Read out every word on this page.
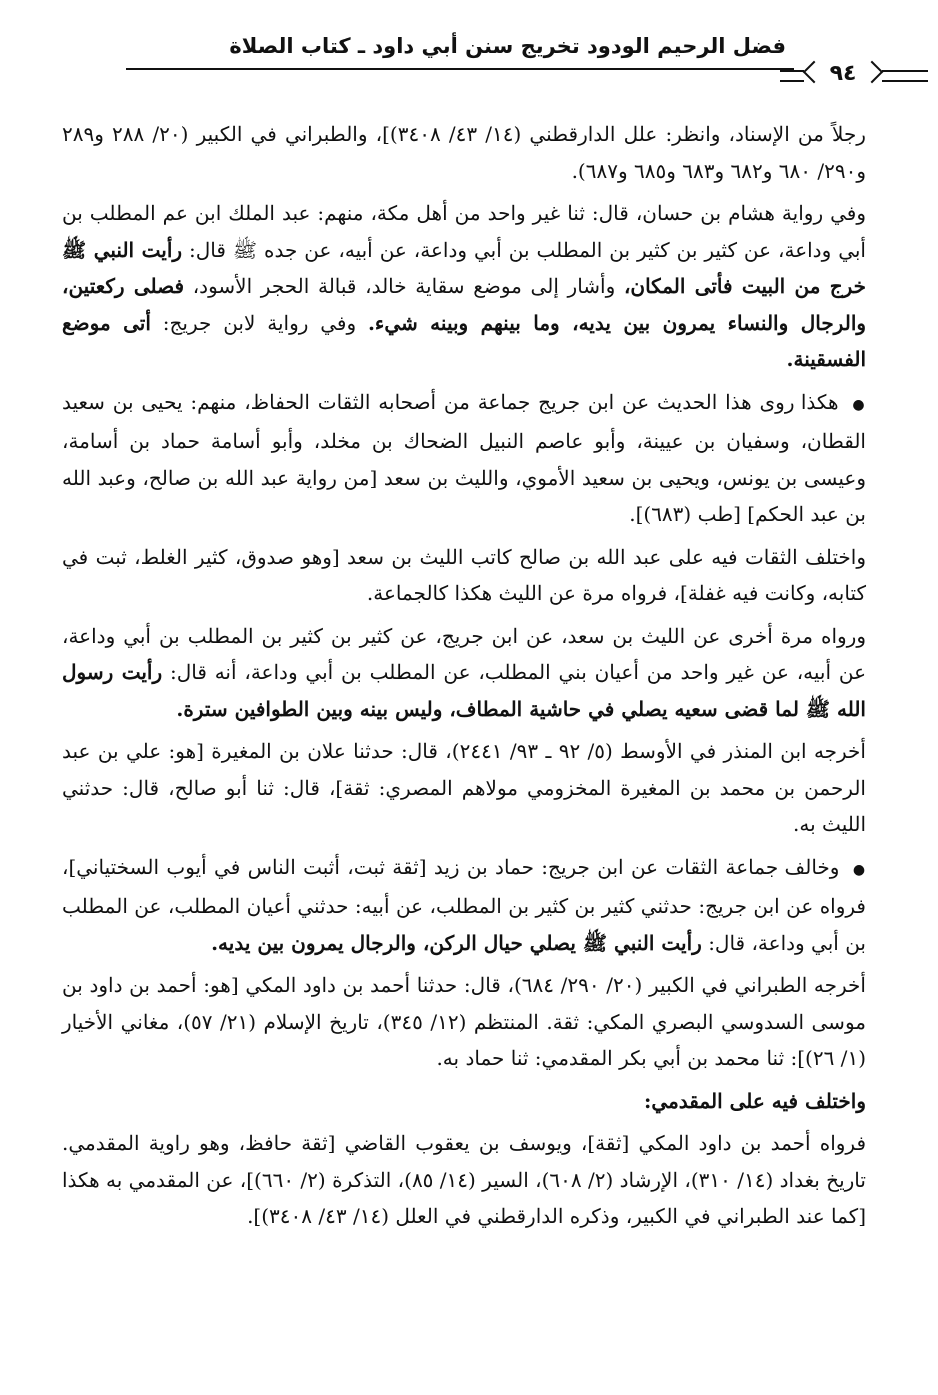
فضل الرحيم الودود تخريج سنن أبي داود ـ كتاب الصلاة
٩٤

رجلاً من الإسناد، وانظر: علل الدارقطني (١٤/ ٤٣/ ٣٤٠٨)]، والطبراني في الكبير (٢٠/ ٢٨٨ و٢٨٩ و٢٩٠/ ٦٨٠ و٦٨٢ و٦٨٣ و٦٨٥ و٦٨٧).

وفي رواية هشام بن حسان، قال: ثنا غير واحد من أهل مكة، منهم: عبد الملك ابن عم المطلب بن أبي وداعة، عن كثير بن كثير بن المطلب بن أبي وداعة، عن أبيه، عن جده ﷺ قال: رأيت النبي ﷺ خرج من البيت فأتى المكان، وأشار إلى موضع سقاية خالد، قبالة الحجر الأسود، فصلى ركعتين، والرجال والنساء يمرون بين يديه، وما بينهم وبينه شيء. وفي رواية لابن جريج: أتى موضع الفسقينة.

● هكذا روى هذا الحديث عن ابن جريج جماعة من أصحابه الثقات الحفاظ، منهم: يحيى بن سعيد القطان، وسفيان بن عيينة، وأبو عاصم النبيل الضحاك بن مخلد، وأبو أسامة حماد بن أسامة، وعيسى بن يونس، ويحيى بن سعيد الأموي، والليث بن سعد [من رواية عبد الله بن صالح، وعبد الله بن عبد الحكم] [طب (٦٨٣)].

واختلف الثقات فيه على عبد الله بن صالح كاتب الليث بن سعد [وهو صدوق، كثير الغلط، ثبت في كتابه، وكانت فيه غفلة]، فرواه مرة عن الليث هكذا كالجماعة.

ورواه مرة أخرى عن الليث بن سعد، عن ابن جريج، عن كثير بن كثير بن المطلب بن أبي وداعة، عن أبيه، عن غير واحد من أعيان بني المطلب، عن المطلب بن أبي وداعة، أنه قال: رأيت رسول الله ﷺ لما قضى سعيه يصلي في حاشية المطاف، وليس بينه وبين الطوافين سترة.

أخرجه ابن المنذر في الأوسط (٥/ ٩٢ ـ ٩٣/ ٢٤٤١)، قال: حدثنا علان بن المغيرة [هو: علي بن عبد الرحمن بن محمد بن المغيرة المخزومي مولاهم المصري: ثقة]، قال: ثنا أبو صالح، قال: حدثني الليث به.

● وخالف جماعة الثقات عن ابن جريج: حماد بن زيد [ثقة ثبت، أثبت الناس في أيوب السختياني]، فرواه عن ابن جريج: حدثني كثير بن كثير بن المطلب، عن أبيه: حدثني أعيان المطلب، عن المطلب بن أبي وداعة، قال: رأيت النبي ﷺ يصلي حيال الركن، والرجال يمرون بين يديه.

أخرجه الطبراني في الكبير (٢٠/ ٢٩٠/ ٦٨٤)، قال: حدثنا أحمد بن داود المكي [هو: أحمد بن داود بن موسى السدوسي البصري المكي: ثقة. المنتظم (١٢/ ٣٤٥)، تاريخ الإسلام (٢١/ ٥٧)، مغاني الأخيار (١/ ٢٦)]: ثنا محمد بن أبي بكر المقدمي: ثنا حماد به.

واختلف فيه على المقدمي:

فرواه أحمد بن داود المكي [ثقة]، ويوسف بن يعقوب القاضي [ثقة حافظ، وهو راوية المقدمي. تاريخ بغداد (١٤/ ٣١٠)، الإرشاد (٢/ ٦٠٨)، السير (١٤/ ٨٥)، التذكرة (٢/ ٦٦٠)]، عن المقدمي به هكذا [كما عند الطبراني في الكبير، وذكره الدارقطني في العلل (١٤/ ٤٣/ ٣٤٠٨)].
